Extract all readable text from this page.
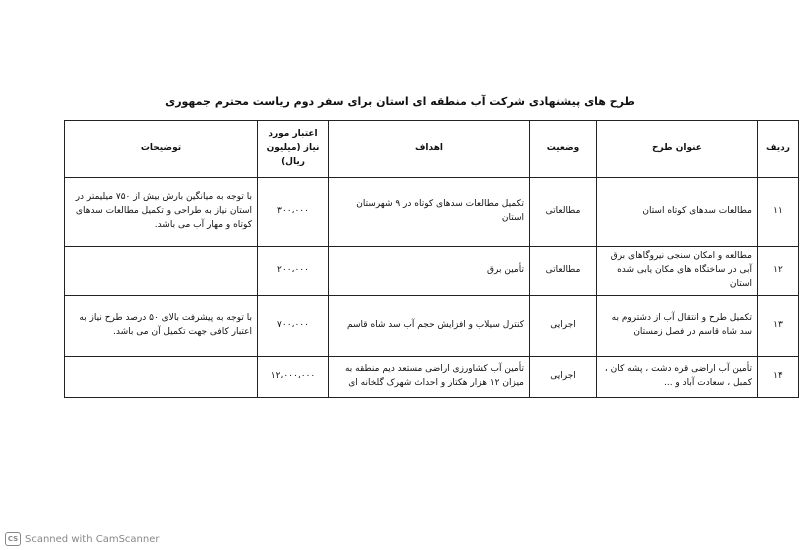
طرح های پیشنهادی شرکت آب منطقه ای استان برای سفر دوم ریاست محترم جمهوری
ردیف	عنوان طرح	وضعیت	اهداف	اعتبار مورد نیاز (میلیون ریال)	توضیحات
۱۱	مطالعات سدهای کوتاه استان	مطالعاتی	تکمیل مطالعات سدهای کوتاه در ۹ شهرستان استان	۳۰۰،۰۰۰	با توجه به میانگین بارش بیش از ۷۵۰ میلیمتر در استان نیاز به طراحی و تکمیل مطالعات سدهای کوتاه و مهار آب می باشد.
۱۲	مطالعه و امکان سنجی نیروگاهای برق آبی در ساختگاه های مکان یابی شده استان	مطالعاتی	تأمین برق	۲۰۰،۰۰۰	
۱۳	تکمیل طرح و انتقال آب از دشتروم به سد شاه قاسم در فصل زمستان	اجرایی	کنترل سیلاب و افزایش حجم آب سد شاه قاسم	۷۰۰،۰۰۰	با توجه به پیشرفت بالای ۵۰ درصد طرح نیاز به اعتبار کافی جهت تکمیل آن می باشد.
۱۴	تأمین آب اراضی قره دشت ، پشه کان ، کمبل ، سعادت آباد و ...	اجرایی	تأمین آب کشاورزی اراضی مستعد دیم منطقه به میزان ۱۲ هزار هکتار و احداث شهرک گلخانه ای	۱۲،۰۰۰،۰۰۰	
CS Scanned with CamScanner
